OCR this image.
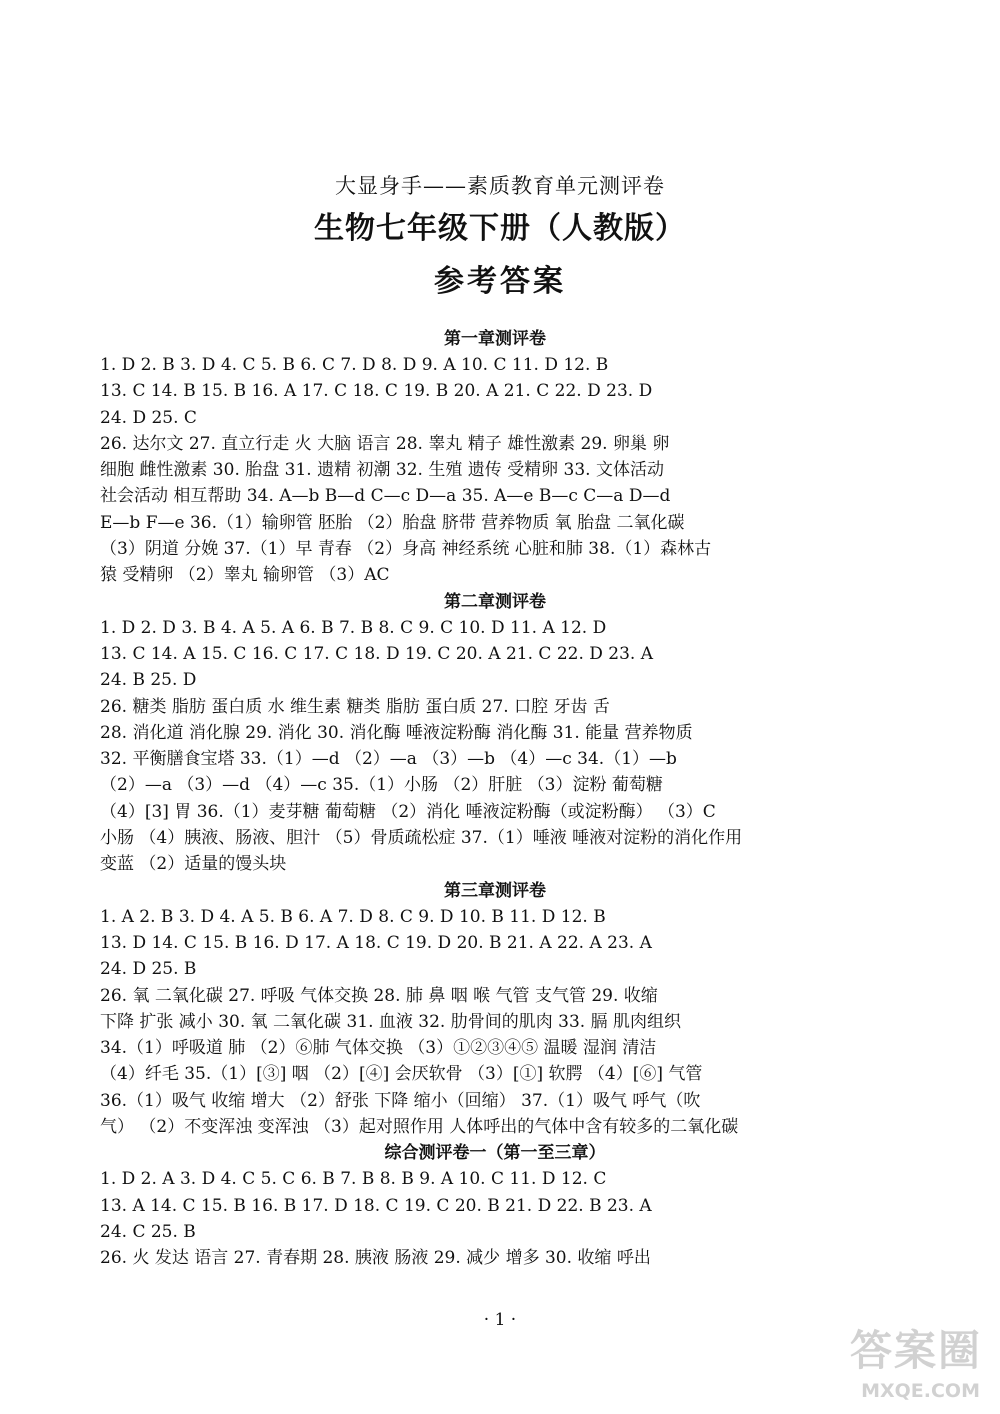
大显身手——素质教育单元测评卷
生物七年级下册（人教版）
参考答案
第一章测评卷
1. D 2. B 3. D 4. C 5. B 6. C 7. D 8. D 9. A 10. C 11. D 12. B
13. C 14. B 15. B 16. A 17. C 18. C 19. B 20. A 21. C 22. D 23. D
24. D 25. C
26. 达尔文 27. 直立行走 火 大脑 语言 28. 睾丸 精子 雄性激素 29. 卵巢 卵
细胞 雌性激素 30. 胎盘 31. 遗精 初潮 32. 生殖 遗传 受精卵 33. 文体活动
社会活动 相互帮助 34. A—b B—d C—c D—a 35. A—e B—c C—a D—d
E—b F—e 36.（1）输卵管 胚胎 （2）胎盘 脐带 营养物质 氧 胎盘 二氧化碳
（3）阴道 分娩 37.（1）早 青春 （2）身高 神经系统 心脏和肺 38.（1）森林古
猿 受精卵 （2）睾丸 输卵管 （3）AC
第二章测评卷
1. D 2. D 3. B 4. A 5. A 6. B 7. B 8. C 9. C 10. D 11. A 12. D
13. C 14. A 15. C 16. C 17. C 18. D 19. C 20. A 21. C 22. D 23. A
24. B 25. D
26. 糖类 脂肪 蛋白质 水 维生素 糖类 脂肪 蛋白质 27. 口腔 牙齿 舌
28. 消化道 消化腺 29. 消化 30. 消化酶 唾液淀粉酶 消化酶 31. 能量 营养物质
32. 平衡膳食宝塔 33.（1）—d （2）—a （3）—b （4）—c 34.（1）—b
（2）—a （3）—d （4）—c 35.（1）小肠 （2）肝脏 （3）淀粉 葡萄糖
（4）[3] 胃 36.（1）麦芽糖 葡萄糖 （2）消化 唾液淀粉酶（或淀粉酶） （3）C
小肠 （4）胰液、肠液、胆汁 （5）骨质疏松症 37.（1）唾液 唾液对淀粉的消化作用
变蓝 （2）适量的馒头块
第三章测评卷
1. A 2. B 3. D 4. A 5. B 6. A 7. D 8. C 9. D 10. B 11. D 12. B
13. D 14. C 15. B 16. D 17. A 18. C 19. D 20. B 21. A 22. A 23. A
24. D 25. B
26. 氧 二氧化碳 27. 呼吸 气体交换 28. 肺 鼻 咽 喉 气管 支气管 29. 收缩
下降 扩张 减小 30. 氧 二氧化碳 31. 血液 32. 肋骨间的肌肉 33. 膈 肌肉组织
34.（1）呼吸道 肺 （2）⑥肺 气体交换 （3）①②③④⑤ 温暖 湿润 清洁
（4）纤毛 35.（1）[③] 咽 （2）[④] 会厌软骨 （3）[①] 软腭 （4）[⑥] 气管
36.（1）吸气 收缩 增大 （2）舒张 下降 缩小（回缩） 37.（1）吸气 呼气（吹
气） （2）不变浑浊 变浑浊 （3）起对照作用 人体呼出的气体中含有较多的二氧化碳
综合测评卷一（第一至三章）
1. D 2. A 3. D 4. C 5. C 6. B 7. B 8. B 9. A 10. C 11. D 12. C
13. A 14. C 15. B 16. B 17. D 18. C 19. C 20. B 21. D 22. B 23. A
24. C 25. B
26. 火 发达 语言 27. 青春期 28. 胰液 肠液 29. 减少 增多 30. 收缩 呼出
· 1 ·
答案圈
MXQE.COM
